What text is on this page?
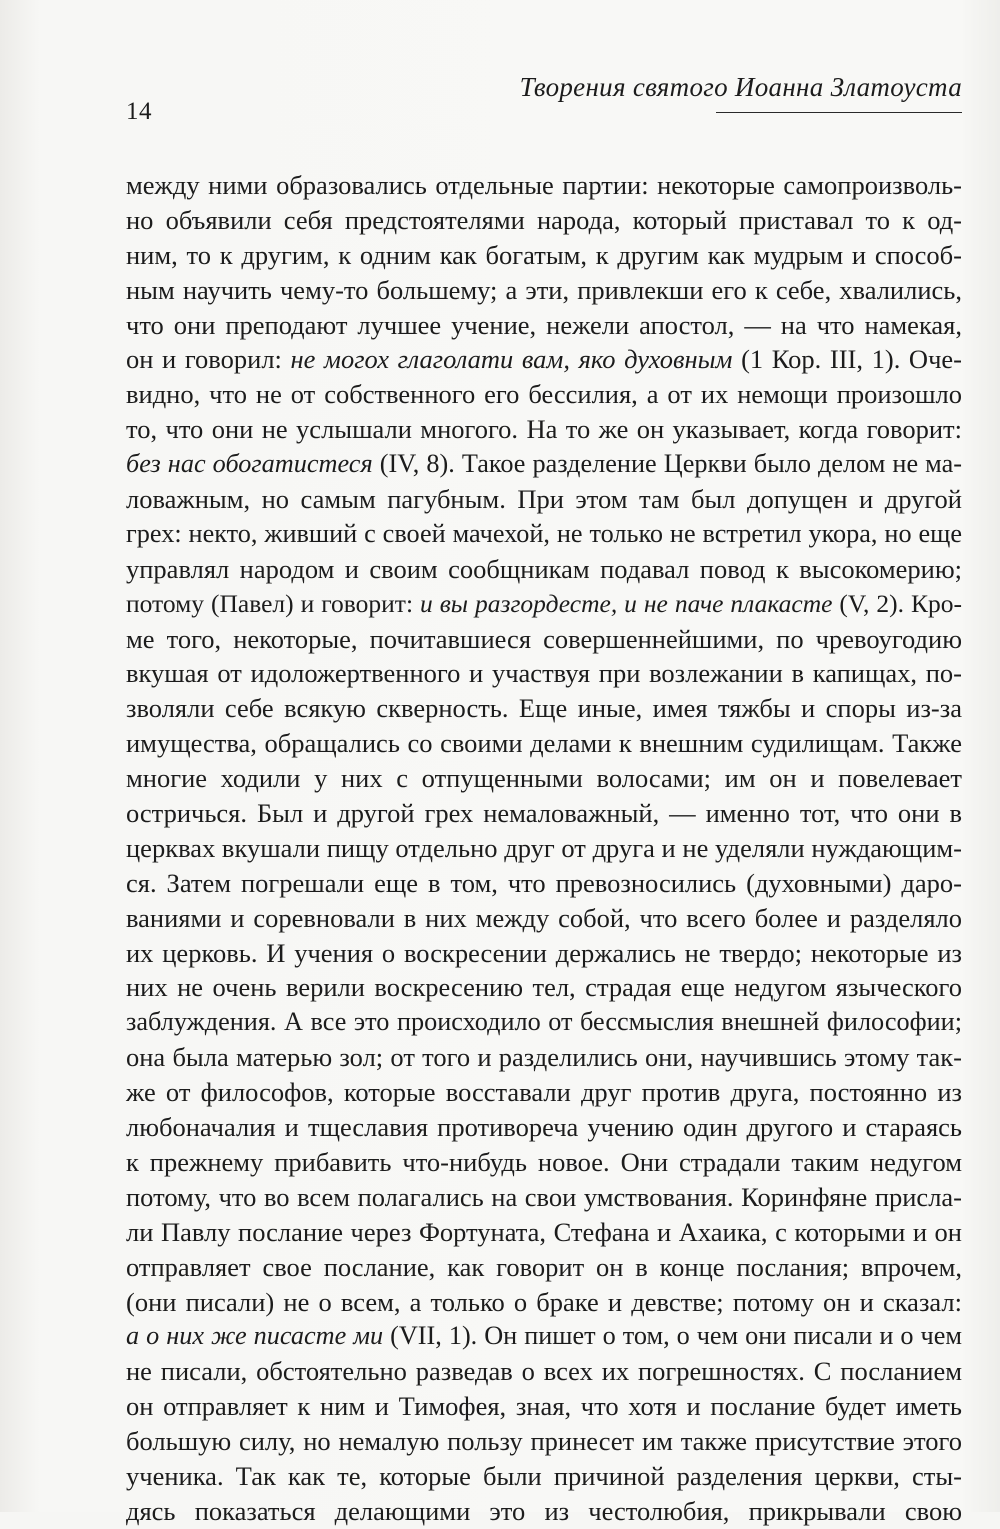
14
Творения святого Иоанна Златоуста
между ними образовались отдельные партии: некоторые самопроизволь-
но объявили себя предстоятелями народа, который приставал то к од-
ним, то к другим, к одним как богатым, к другим как мудрым и способ-
ным научить чему-то большему; а эти, привлекши его к себе, хвалились,
что они преподают лучшее учение, нежели апостол, — на что намекая,
он и говорил: не могох глаголати вам, яко духовным (1 Кор. III, 1). Оче-
видно, что не от собственного его бессилия, а от их немощи произошло
то, что они не услышали многого. На то же он указывает, когда говорит:
без нас обогатистеся (IV, 8). Такое разделение Церкви было делом не ма-
ловажным, но самым пагубным. При этом там был допущен и другой
грех: некто, живший с своей мачехой, не только не встретил укора, но еще
управлял народом и своим сообщникам подавал повод к высокомерию;
потому (Павел) и говорит: и вы разгордесте, и не паче плакасте (V, 2). Кро-
ме того, некоторые, почитавшиеся совершеннейшими, по чревоугодию
вкушая от идоложертвенного и участвуя при возлежании в капищах, по-
зволяли себе всякую скверность. Еще иные, имея тяжбы и споры из-за
имущества, обращались со своими делами к внешним судилищам. Также
многие ходили у них с отпущенными волосами; им он и повелевает
остричься. Был и другой грех немаловажный, — именно тот, что они в
церквах вкушали пищу отдельно друг от друга и не уделяли нуждающим-
ся. Затем погрешали еще в том, что превозносились (духовными) даро-
ваниями и соревновали в них между собой, что всего более и разделяло
их церковь. И учения о воскресении держались не твердо; некоторые из
них не очень верили воскресению тел, страдая еще недугом языческого
заблуждения. А все это происходило от бессмыслия внешней философии;
она была матерью зол; от того и разделились они, научившись этому так-
же от философов, которые восставали друг против друга, постоянно из
любоначалия и тщеславия противореча учению один другого и стараясь
к прежнему прибавить что-нибудь новое. Они страдали таким недугом
потому, что во всем полагались на свои умствования. Коринфяне присла-
ли Павлу послание через Фортуната, Стефана и Ахаика, с которыми и он
отправляет свое послание, как говорит он в конце послания; впрочем,
(они писали) не о всем, а только о браке и девстве; потому он и сказал:
а о них же писасте ми (VII, 1). Он пишет о том, о чем они писали и о чем
не писали, обстоятельно разведав о всех их погрешностях. С посланием
он отправляет к ним и Тимофея, зная, что хотя и послание будет иметь
большую силу, но немалую пользу принесет им также присутствие этого
ученика. Так как те, которые были причиной разделения церкви, сты-
дясь показаться делающими это из честолюбия, прикрывали свою
